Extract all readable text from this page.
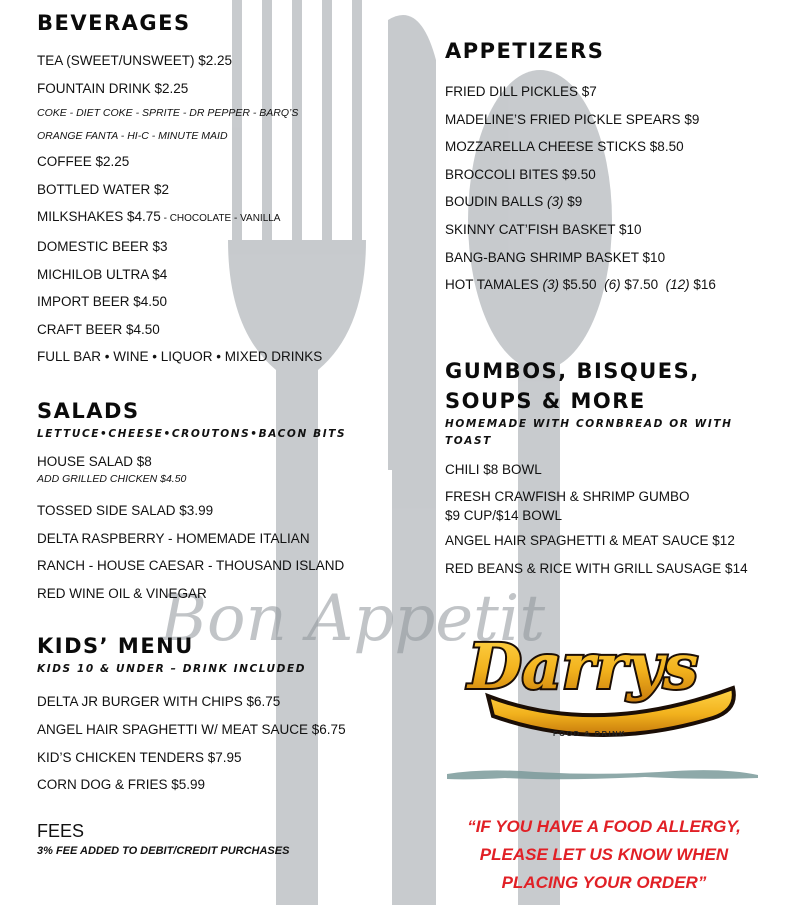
Bon Appetit
BEVERAGES
TEA (SWEET/UNSWEET) $2.25
FOUNTAIN DRINK $2.25
COKE - DIET COKE - SPRITE - DR PEPPER - BARQ’S
ORANGE FANTA - HI-C - MINUTE MAID
COFFEE $2.25
BOTTLED WATER $2
MILKSHAKES $4.75 - CHOCOLATE - VANILLA
DOMESTIC BEER $3
MICHILOB ULTRA $4
IMPORT BEER $4.50
CRAFT BEER $4.50
FULL BAR • WINE • LIQUOR • MIXED DRINKS
SALADS
LETTUCE•CHEESE•CROUTONS•BACON BITS
HOUSE SALAD $8
ADD GRILLED CHICKEN $4.50
TOSSED SIDE SALAD $3.99
DELTA RASPBERRY - HOMEMADE ITALIAN
RANCH - HOUSE CAESAR - THOUSAND ISLAND
RED WINE OIL & VINEGAR
KIDS’ MENU
KIDS 10 & UNDER – DRINK INCLUDED
DELTA JR BURGER WITH CHIPS $6.75
ANGEL HAIR SPAGHETTI W/ MEAT SAUCE $6.75
KID’S CHICKEN TENDERS $7.95
CORN DOG & FRIES $5.99
FEES
3% FEE ADDED TO DEBIT/CREDIT PURCHASES
APPETIZERS
FRIED DILL PICKLES $7
MADELINE’S FRIED PICKLE SPEARS $9
MOZZARELLA CHEESE STICKS $8.50
BROCCOLI BITES $9.50
BOUDIN BALLS (3) $9
SKINNY CAT’FISH BASKET $10
BANG-BANG SHRIMP BASKET $10
HOT TAMALES (3) $5.50  (6) $7.50  (12) $16
GUMBOS, BISQUES,
SOUPS & MORE
HOMEMADE WITH CORNBREAD OR WITH
TOAST
CHILI $8 BOWL
FRESH CRAWFISH & SHRIMP GUMBO
$9 CUP/$14 BOWL
ANGEL HAIR SPAGHETTI & MEAT SAUCE $12
RED BEANS & RICE WITH GRILL SAUSAGE $14
Darrys
FOOD & DRINK
“IF YOU HAVE A FOOD ALLERGY,
PLEASE LET US KNOW WHEN
PLACING YOUR ORDER”
